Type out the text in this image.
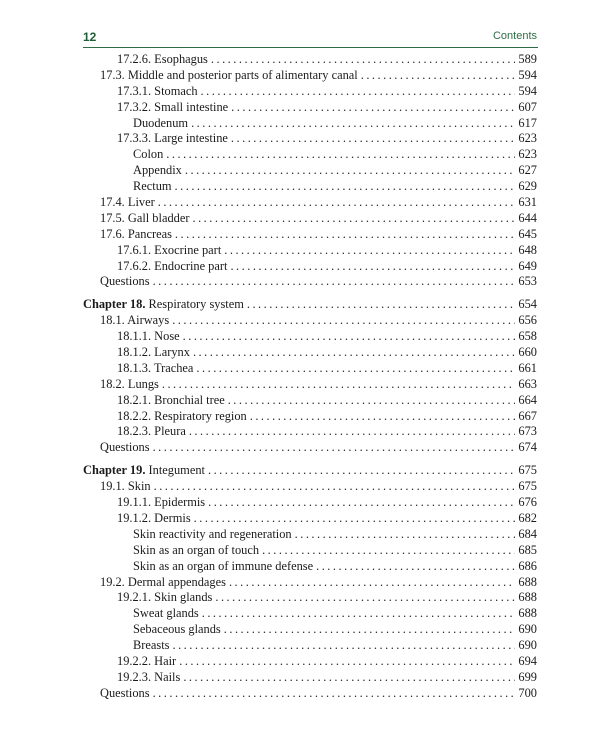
12	Contents
17.2.6. Esophagus . . .	589
17.3. Middle and posterior parts of alimentary canal . . .	594
17.3.1. Stomach . . .	594
17.3.2. Small intestine . . .	607
Duodenum . . .	617
17.3.3. Large intestine . . .	623
Colon . . .	623
Appendix . . .	627
Rectum . . .	629
17.4. Liver . . .	631
17.5. Gall bladder . . .	644
17.6. Pancreas . . .	645
17.6.1. Exocrine part . . .	648
17.6.2. Endocrine part . . .	649
Questions . . .	653
Chapter 18. Respiratory system . . .	654
18.1. Airways . . .	656
18.1.1. Nose . . .	658
18.1.2. Larynx . . .	660
18.1.3. Trachea . . .	661
18.2. Lungs . . .	663
18.2.1. Bronchial tree . . .	664
18.2.2. Respiratory region . . .	667
18.2.3. Pleura . . .	673
Questions . . .	674
Chapter 19. Integument . . .	675
19.1. Skin . . .	675
19.1.1. Epidermis . . .	676
19.1.2. Dermis . . .	682
Skin reactivity and regeneration . . .	684
Skin as an organ of touch . . .	685
Skin as an organ of immune defense . . .	686
19.2. Dermal appendages . . .	688
19.2.1. Skin glands . . .	688
Sweat glands . . .	688
Sebaceous glands . . .	690
Breasts . . .	690
19.2.2. Hair . . .	694
19.2.3. Nails . . .	699
Questions . . .	700
